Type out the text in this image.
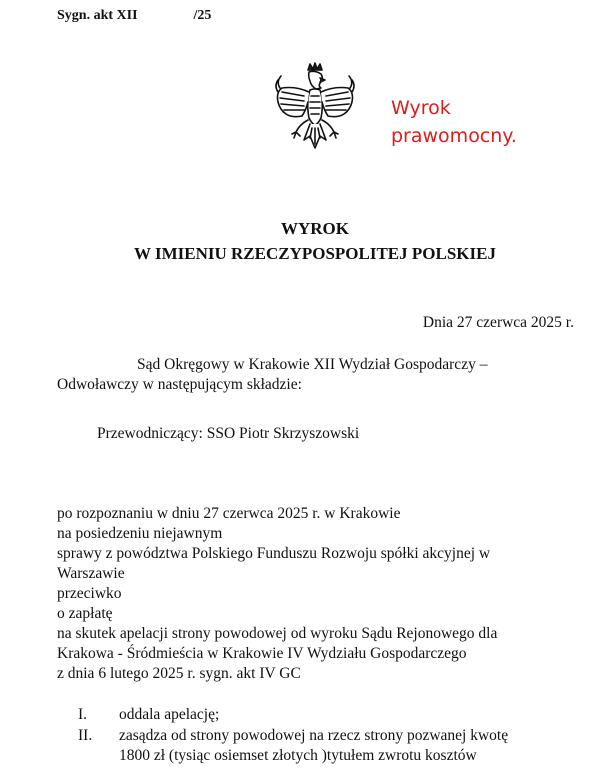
Sygn. akt XII	/25
Wyrok prawomocny.
WYROK
W IMIENIU RZECZYPOSPOLITEJ POLSKIEJ
Dnia 27 czerwca 2025 r.
Sąd Okręgowy w Krakowie XII Wydział Gospodarczy –
Odwoławczy w następującym składzie:
Przewodniczący: SSO Piotr Skrzyszowski
po rozpoznaniu w dniu 27 czerwca 2025 r. w Krakowie
na posiedzeniu niejawnym
sprawy z powództwa Polskiego Funduszu Rozwoju spółki akcyjnej w
Warszawie
przeciwko
o zapłatę
na skutek apelacji strony powodowej od wyroku Sądu Rejonowego dla
Krakowa - Śródmieścia w Krakowie IV Wydziału Gospodarczego
z dnia 6 lutego 2025 r. sygn. akt IV GC
I. oddala apelację;
II. zasądza od strony powodowej na rzecz strony pozwanej kwotę
1800 zł (tysiąc osiemset złotych )tytułem zwrotu kosztów
